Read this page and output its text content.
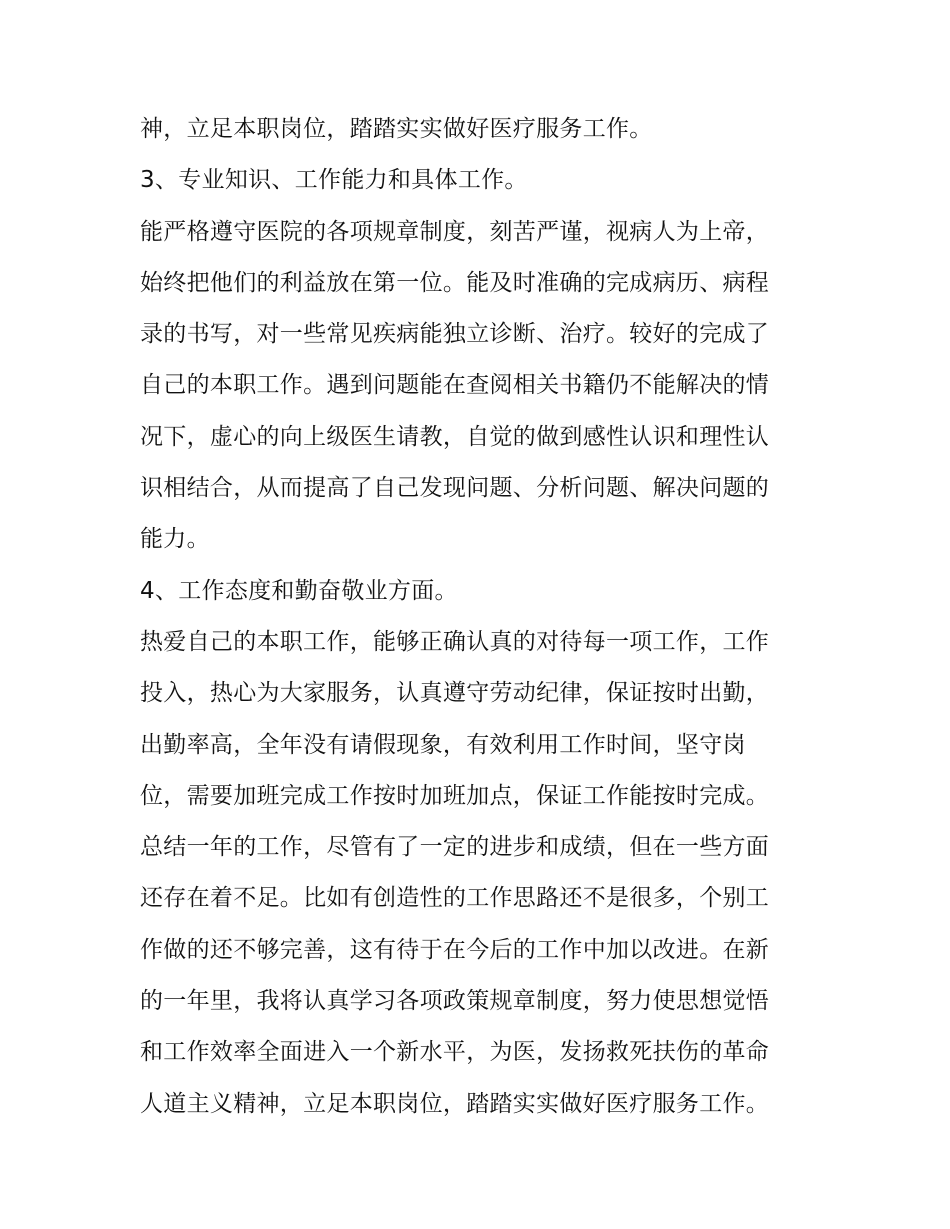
神，立足本职岗位，踏踏实实做好医疗服务工作。
3、专业知识、工作能力和具体工作。
能严格遵守医院的各项规章制度，刻苦严谨，视病人为上帝，
始终把他们的利益放在第一位。能及时准确的完成病历、病程
录的书写，对一些常见疾病能独立诊断、治疗。较好的完成了
自己的本职工作。遇到问题能在查阅相关书籍仍不能解决的情
况下，虚心的向上级医生请教，自觉的做到感性认识和理性认
识相结合，从而提高了自己发现问题、分析问题、解决问题的
能力。
4、工作态度和勤奋敬业方面。
热爱自己的本职工作，能够正确认真的对待每一项工作，工作
投入，热心为大家服务，认真遵守劳动纪律，保证按时出勤，
出勤率高，全年没有请假现象，有效利用工作时间，坚守岗
位，需要加班完成工作按时加班加点，保证工作能按时完成。
总结一年的工作，尽管有了一定的进步和成绩，但在一些方面
还存在着不足。比如有创造性的工作思路还不是很多，个别工
作做的还不够完善，这有待于在今后的工作中加以改进。在新
的一年里，我将认真学习各项政策规章制度，努力使思想觉悟
和工作效率全面进入一个新水平，为医，发扬救死扶伤的革命
人道主义精神，立足本职岗位，踏踏实实做好医疗服务工作。
